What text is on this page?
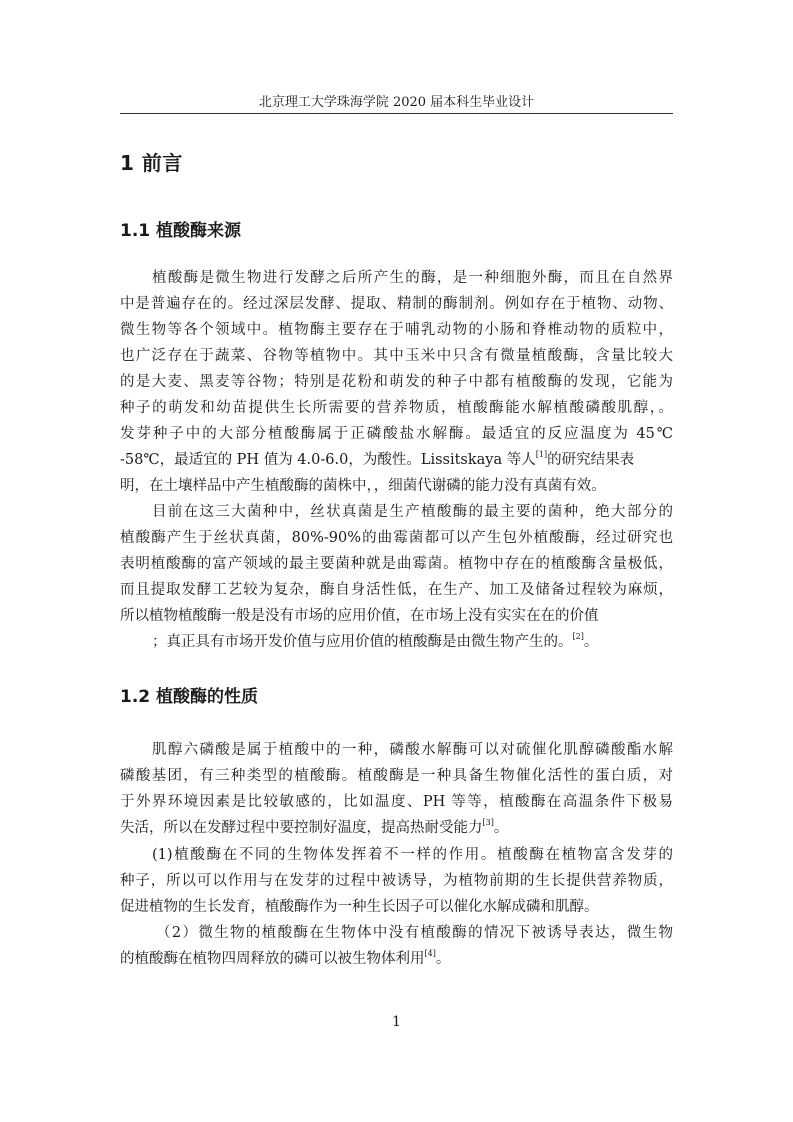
北京理工大学珠海学院 2020 届本科生毕业设计
1 前言
1.1 植酸酶来源
植酸酶是微生物进行发酵之后所产生的酶，是一种细胞外酶，而且在自然界
中是普遍存在的。经过深层发酵、提取、精制的酶制剂。例如存在于植物、动物、
微生物等各个领域中。植物酶主要存在于哺乳动物的小肠和脊椎动物的质粒中，
也广泛存在于蔬菜、谷物等植物中。其中玉米中只含有微量植酸酶，含量比较大
的是大麦、黑麦等谷物；特别是花粉和萌发的种子中都有植酸酶的发现，它能为
种子的萌发和幼苗提供生长所需要的营养物质，植酸酶能水解植酸磷酸肌醇，。
发芽种子中的大部分植酸酶属于正磷酸盐水解酶。最适宜的反应温度为 45℃
-58℃，最适宜的 PH 值为 4.0-6.0，为酸性。Lissitskaya 等人[1]的研究结果表
明，在土壤样品中产生植酸酶的菌株中，，细菌代谢磷的能力没有真菌有效。
目前在这三大菌种中，丝状真菌是生产植酸酶的最主要的菌种，绝大部分的
植酸酶产生于丝状真菌，80%-90%的曲霉菌都可以产生包外植酸酶，经过研究也
表明植酸酶的富产领域的最主要菌种就是曲霉菌。植物中存在的植酸酶含量极低，
而且提取发酵工艺较为复杂，酶自身活性低，在生产、加工及储备过程较为麻烦，
所以植物植酸酶一般是没有市场的应用价值，在市场上没有实实在在的价值
；真正具有市场开发价值与应用价值的植酸酶是由微生物产生的。[2]。
1.2 植酸酶的性质
肌醇六磷酸是属于植酸中的一种，磷酸水解酶可以对硫催化肌醇磷酸酯水解
磷酸基团，有三种类型的植酸酶。植酸酶是一种具备生物催化活性的蛋白质，对
于外界环境因素是比较敏感的，比如温度、PH 等等，植酸酶在高温条件下极易
失活，所以在发酵过程中要控制好温度，提高热耐受能力[3]。
(1)植酸酶在不同的生物体发挥着不一样的作用。植酸酶在植物富含发芽的
种子，所以可以作用与在发芽的过程中被诱导，为植物前期的生长提供营养物质，
促进植物的生长发育，植酸酶作为一种生长因子可以催化水解成磷和肌醇。
（2）微生物的植酸酶在生物体中没有植酸酶的情况下被诱导表达，微生物
的植酸酶在植物四周释放的磷可以被生物体利用[4]。
1
